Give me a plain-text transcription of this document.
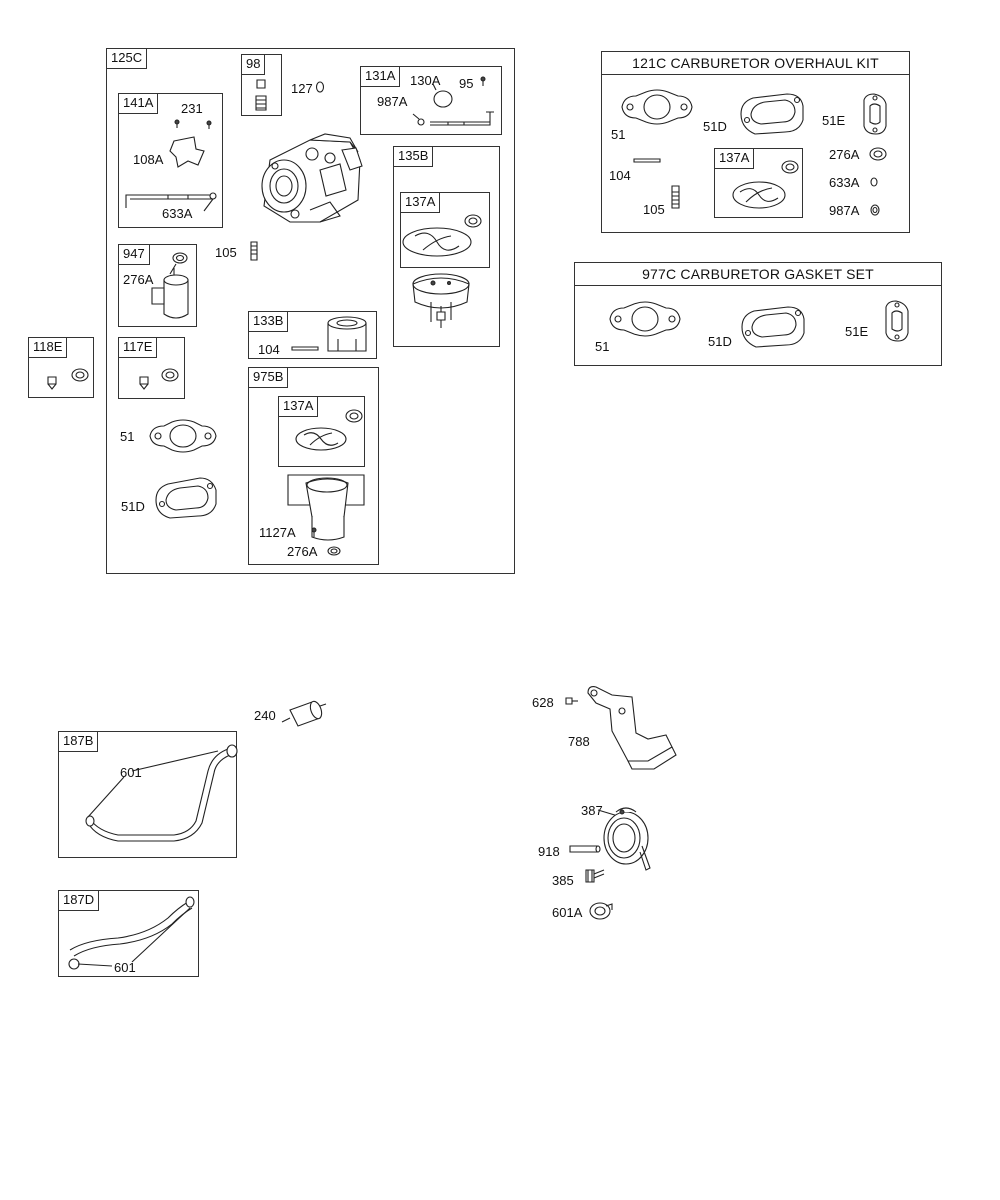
125C
141A	231
108A
633A
98
127
131A	130A 95
987A
135B
137A
947
276A
105
133B
104
975B
137A
1127A
276A
117E
118E
51
51D
121C CARBURETOR OVERHAUL KIT
51
51D	51E
104
105
137A	276A
633A
987A
977C CARBURETOR GASKET SET
51	51D
51E
240
187B
601
187D
601
628
788
387
918
385
601A
